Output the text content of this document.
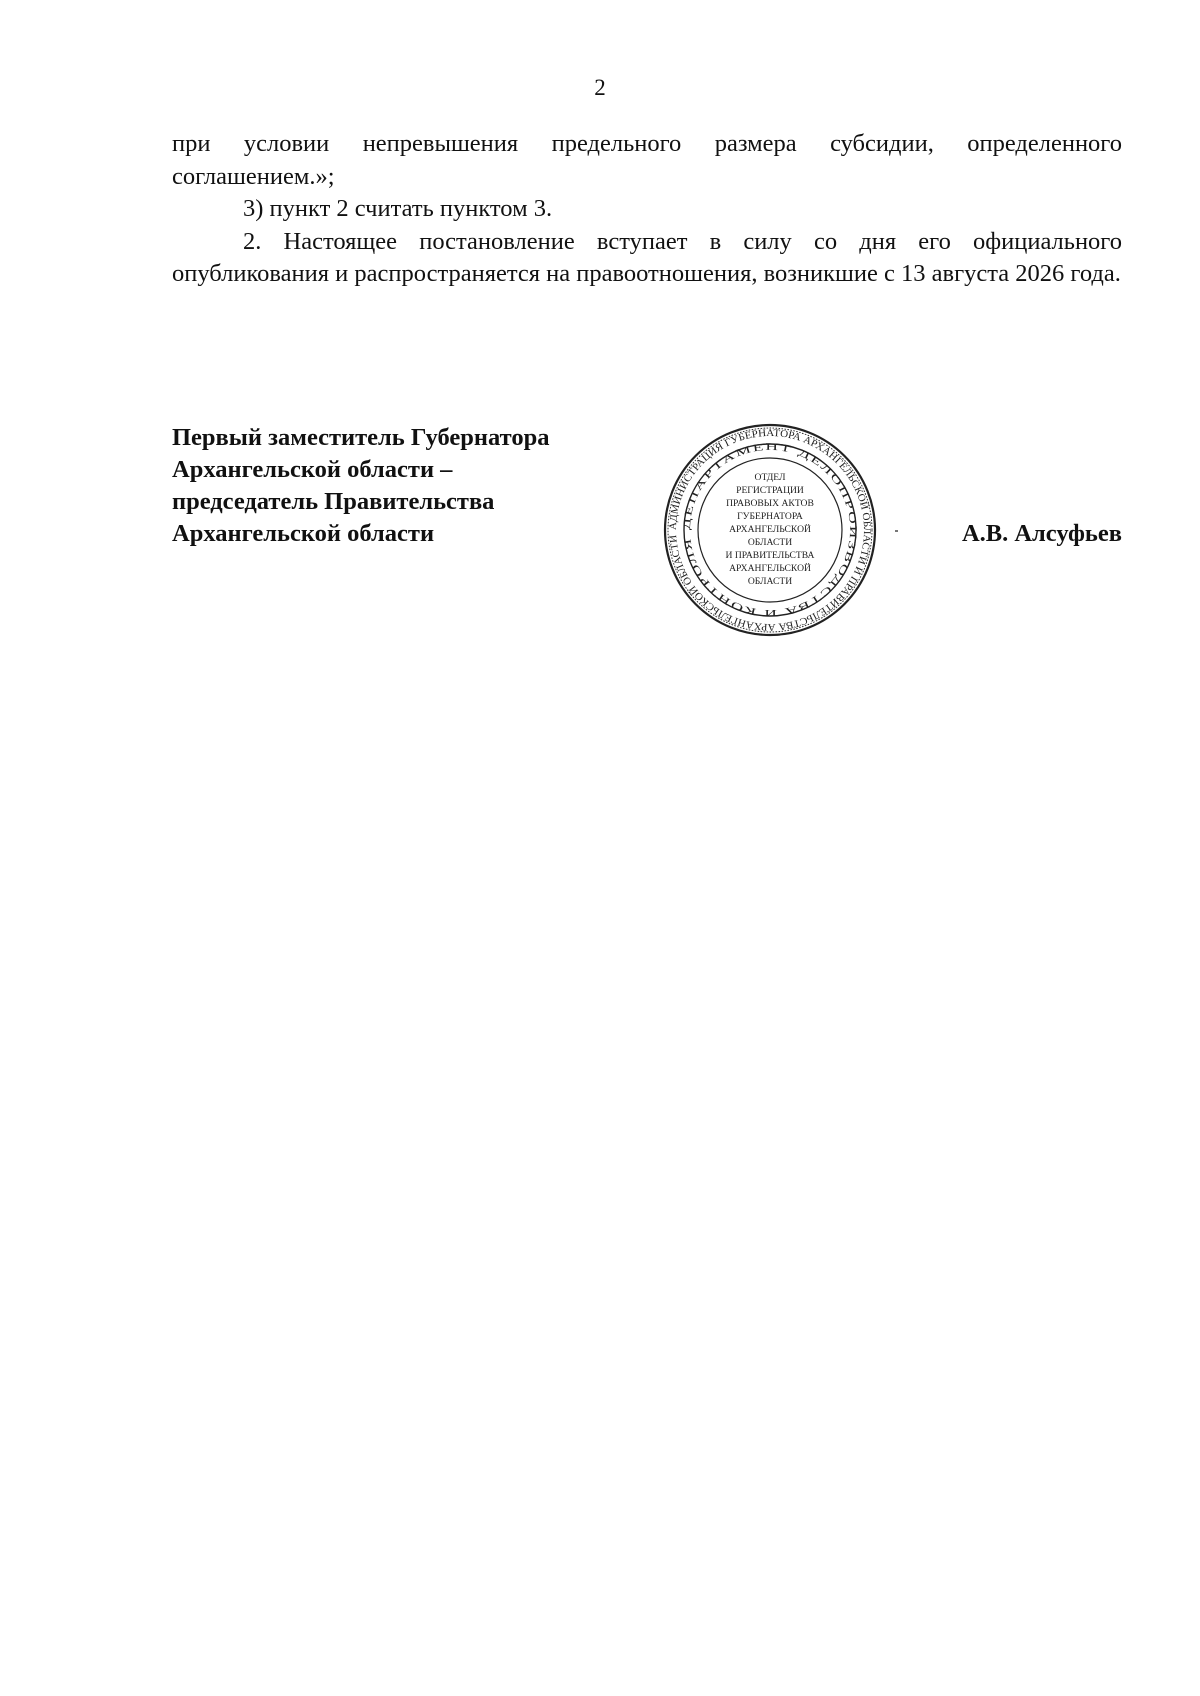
2

при условии непревышения предельного размера субсидии, определенного соглашением.»;

3) пункт 2 считать пунктом 3.

2. Настоящее постановление вступает в силу со дня его официального опубликования и распространяется на правоотношения, возникшие с 13 августа 2026 года.

Первый заместитель Губернатора
Архангельской области –
председатель Правительства
Архангельской области	АДМИНИСТРАЦИЯ ГУБЕРНАТОРА АРХАНГЕЛЬСКОЙ ОБЛАСТИ И ПРАВИТЕЛЬСТВА АРХАНГЕЛЬСКОЙ ОБЛАСТИ
ДЕПАРТАМЕНТ ДЕЛОПРОИЗВОДСТВА И КОНТРОЛЯ
ОТДЕЛ
РЕГИСТРАЦИИ
ПРАВОВЫХ АКТОВ
ГУБЕРНАТОРА
АРХАНГЕЛЬСКОЙ
ОБЛАСТИ
И ПРАВИТЕЛЬСТВА
АРХАНГЕЛЬСКОЙ
ОБЛАСТИ
А.В. Алсуфьев
